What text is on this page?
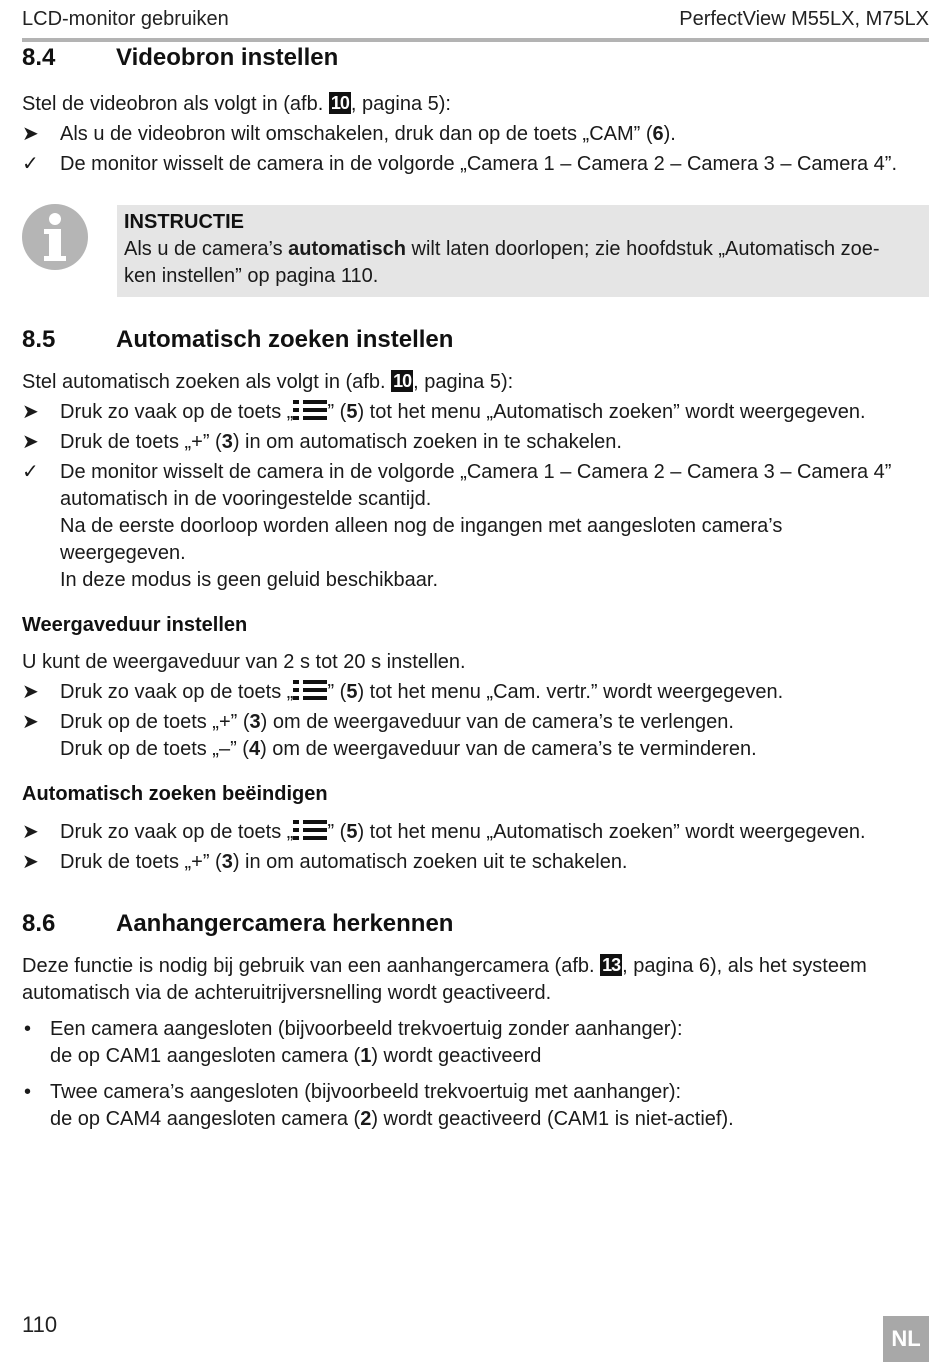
LCD-monitor gebruiken	PerfectView M55LX, M75LX
8.4	Videobron instellen
Stel de videobron als volgt in (afb. 10 , pagina 5):
➤	Als u de videobron wilt omschakelen, druk dan op de toets „CAM” (6).
✓	De monitor wisselt de camera in de volgorde „Camera 1 – Camera 2 – Camera 3 – Camera 4”.
INSTRUCTIE
Als u de camera’s automatisch wilt laten doorlopen; zie hoofdstuk „Automatisch zoe-
ken instellen” op pagina 110.
8.5	Automatisch zoeken instellen
Stel automatisch zoeken als volgt in (afb. 10 , pagina 5):
➤	Druk zo vaak op de toets „ ” (5) tot het menu „Automatisch zoeken” wordt weergegeven.
➤	Druk de toets „+” (3) in om automatisch zoeken in te schakelen.
✓	De monitor wisselt de camera in de volgorde „Camera 1 – Camera 2 – Camera 3 – Camera 4”
automatisch in de vooringestelde scantijd.
Na de eerste doorloop worden alleen nog de ingangen met aangesloten camera’s
weergegeven.
In deze modus is geen geluid beschikbaar.
Weergaveduur instellen
U kunt de weergaveduur van 2 s tot 20 s instellen.
➤	Druk zo vaak op de toets „ ” (5) tot het menu „Cam. vertr.” wordt weergegeven.
➤	Druk op de toets „+” (3) om de weergaveduur van de camera’s te verlengen.
Druk op de toets „–” (4) om de weergaveduur van de camera’s te verminderen.
Automatisch zoeken beëindigen
➤	Druk zo vaak op de toets „ ” (5) tot het menu „Automatisch zoeken” wordt weergegeven.
➤	Druk de toets „+” (3) in om automatisch zoeken uit te schakelen.
8.6	Aanhangercamera herkennen
Deze functie is nodig bij gebruik van een aanhangercamera (afb. 13 , pagina 6), als het systeem
automatisch via de achteruitrijversnelling wordt geactiveerd.
• Een camera aangesloten (bijvoorbeeld trekvoertuig zonder aanhanger):
de op CAM1 aangesloten camera (1) wordt geactiveerd
• Twee camera’s aangesloten (bijvoorbeeld trekvoertuig met aanhanger):
de op CAM4 aangesloten camera (2) wordt geactiveerd (CAM1 is niet-actief).
110
NL
